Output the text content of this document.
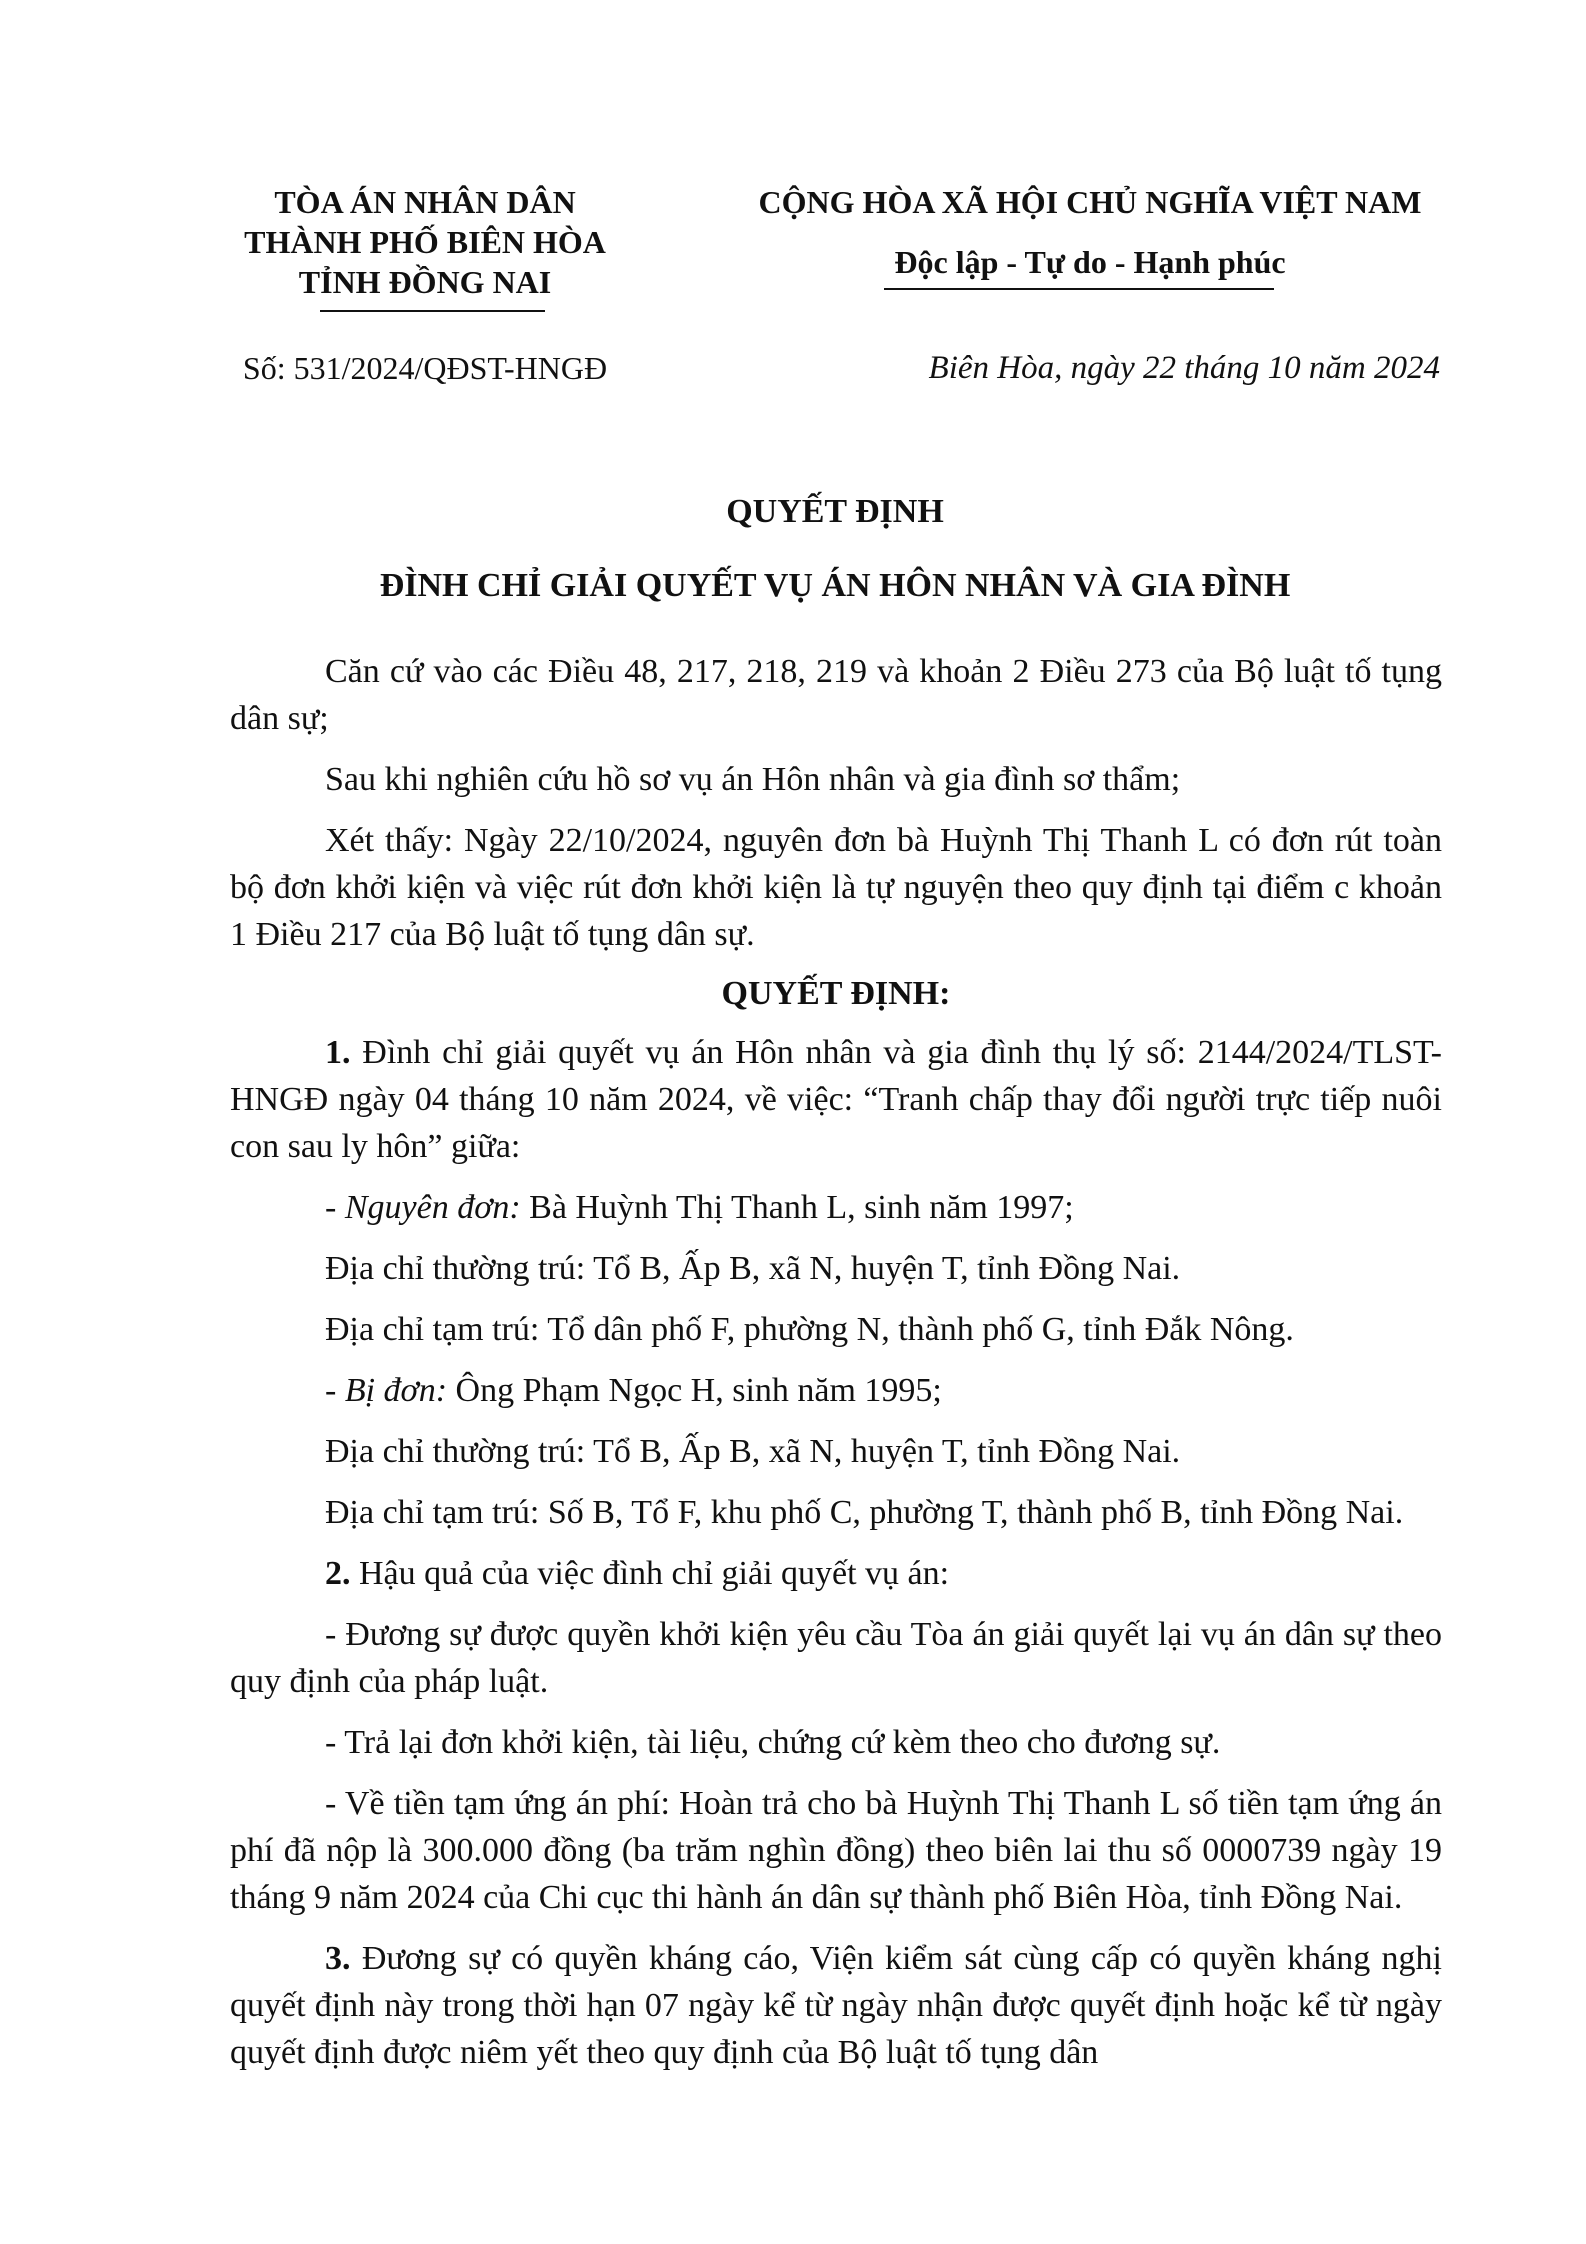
TÒA ÁN NHÂN DÂN
THÀNH PHỐ BIÊN HÒA
TỈNH ĐỒNG NAI
CỘNG HÒA XÃ HỘI CHỦ NGHĨA VIỆT NAM
Độc lập - Tự do - Hạnh phúc
Số: 531/2024/QĐST-HNGĐ	Biên Hòa, ngày 22 tháng 10 năm 2024
QUYẾT ĐỊNH
ĐÌNH CHỈ GIẢI QUYẾT VỤ ÁN HÔN NHÂN VÀ GIA ĐÌNH

Căn cứ vào các Điều 48, 217, 218, 219 và khoản 2 Điều 273 của Bộ luật tố tụng dân sự;

Sau khi nghiên cứu hồ sơ vụ án Hôn nhân và gia đình sơ thẩm;

Xét thấy: Ngày 22/10/2024, nguyên đơn bà Huỳnh Thị Thanh L có đơn rút toàn bộ đơn khởi kiện và việc rút đơn khởi kiện là tự nguyện theo quy định tại điểm c khoản 1 Điều 217 của Bộ luật tố tụng dân sự.

QUYẾT ĐỊNH:

1. Đình chỉ giải quyết vụ án Hôn nhân và gia đình thụ lý số: 2144/2024/TLST-HNGĐ ngày 04 tháng 10 năm 2024, về việc: “Tranh chấp thay đổi người trực tiếp nuôi con sau ly hôn” giữa:

- Nguyên đơn: Bà Huỳnh Thị Thanh L, sinh năm 1997;

Địa chỉ thường trú: Tổ B, Ấp B, xã N, huyện T, tỉnh Đồng Nai.

Địa chỉ tạm trú: Tổ dân phố F, phường N, thành phố G, tỉnh Đắk Nông.

- Bị đơn: Ông Phạm Ngọc H, sinh năm 1995;

Địa chỉ thường trú: Tổ B, Ấp B, xã N, huyện T, tỉnh Đồng Nai.

Địa chỉ tạm trú: Số B, Tổ F, khu phố C, phường T, thành phố B, tỉnh Đồng Nai.

2. Hậu quả của việc đình chỉ giải quyết vụ án:

- Đương sự được quyền khởi kiện yêu cầu Tòa án giải quyết lại vụ án dân sự theo quy định của pháp luật.

- Trả lại đơn khởi kiện, tài liệu, chứng cứ kèm theo cho đương sự.

- Về tiền tạm ứng án phí: Hoàn trả cho bà Huỳnh Thị Thanh L số tiền tạm ứng án phí đã nộp là 300.000 đồng (ba trăm nghìn đồng) theo biên lai thu số 0000739 ngày 19 tháng 9 năm 2024 của Chi cục thi hành án dân sự thành phố Biên Hòa, tỉnh Đồng Nai.

3. Đương sự có quyền kháng cáo, Viện kiểm sát cùng cấp có quyền kháng nghị quyết định này trong thời hạn 07 ngày kể từ ngày nhận được quyết định hoặc kể từ ngày quyết định được niêm yết theo quy định của Bộ luật tố tụng dân
